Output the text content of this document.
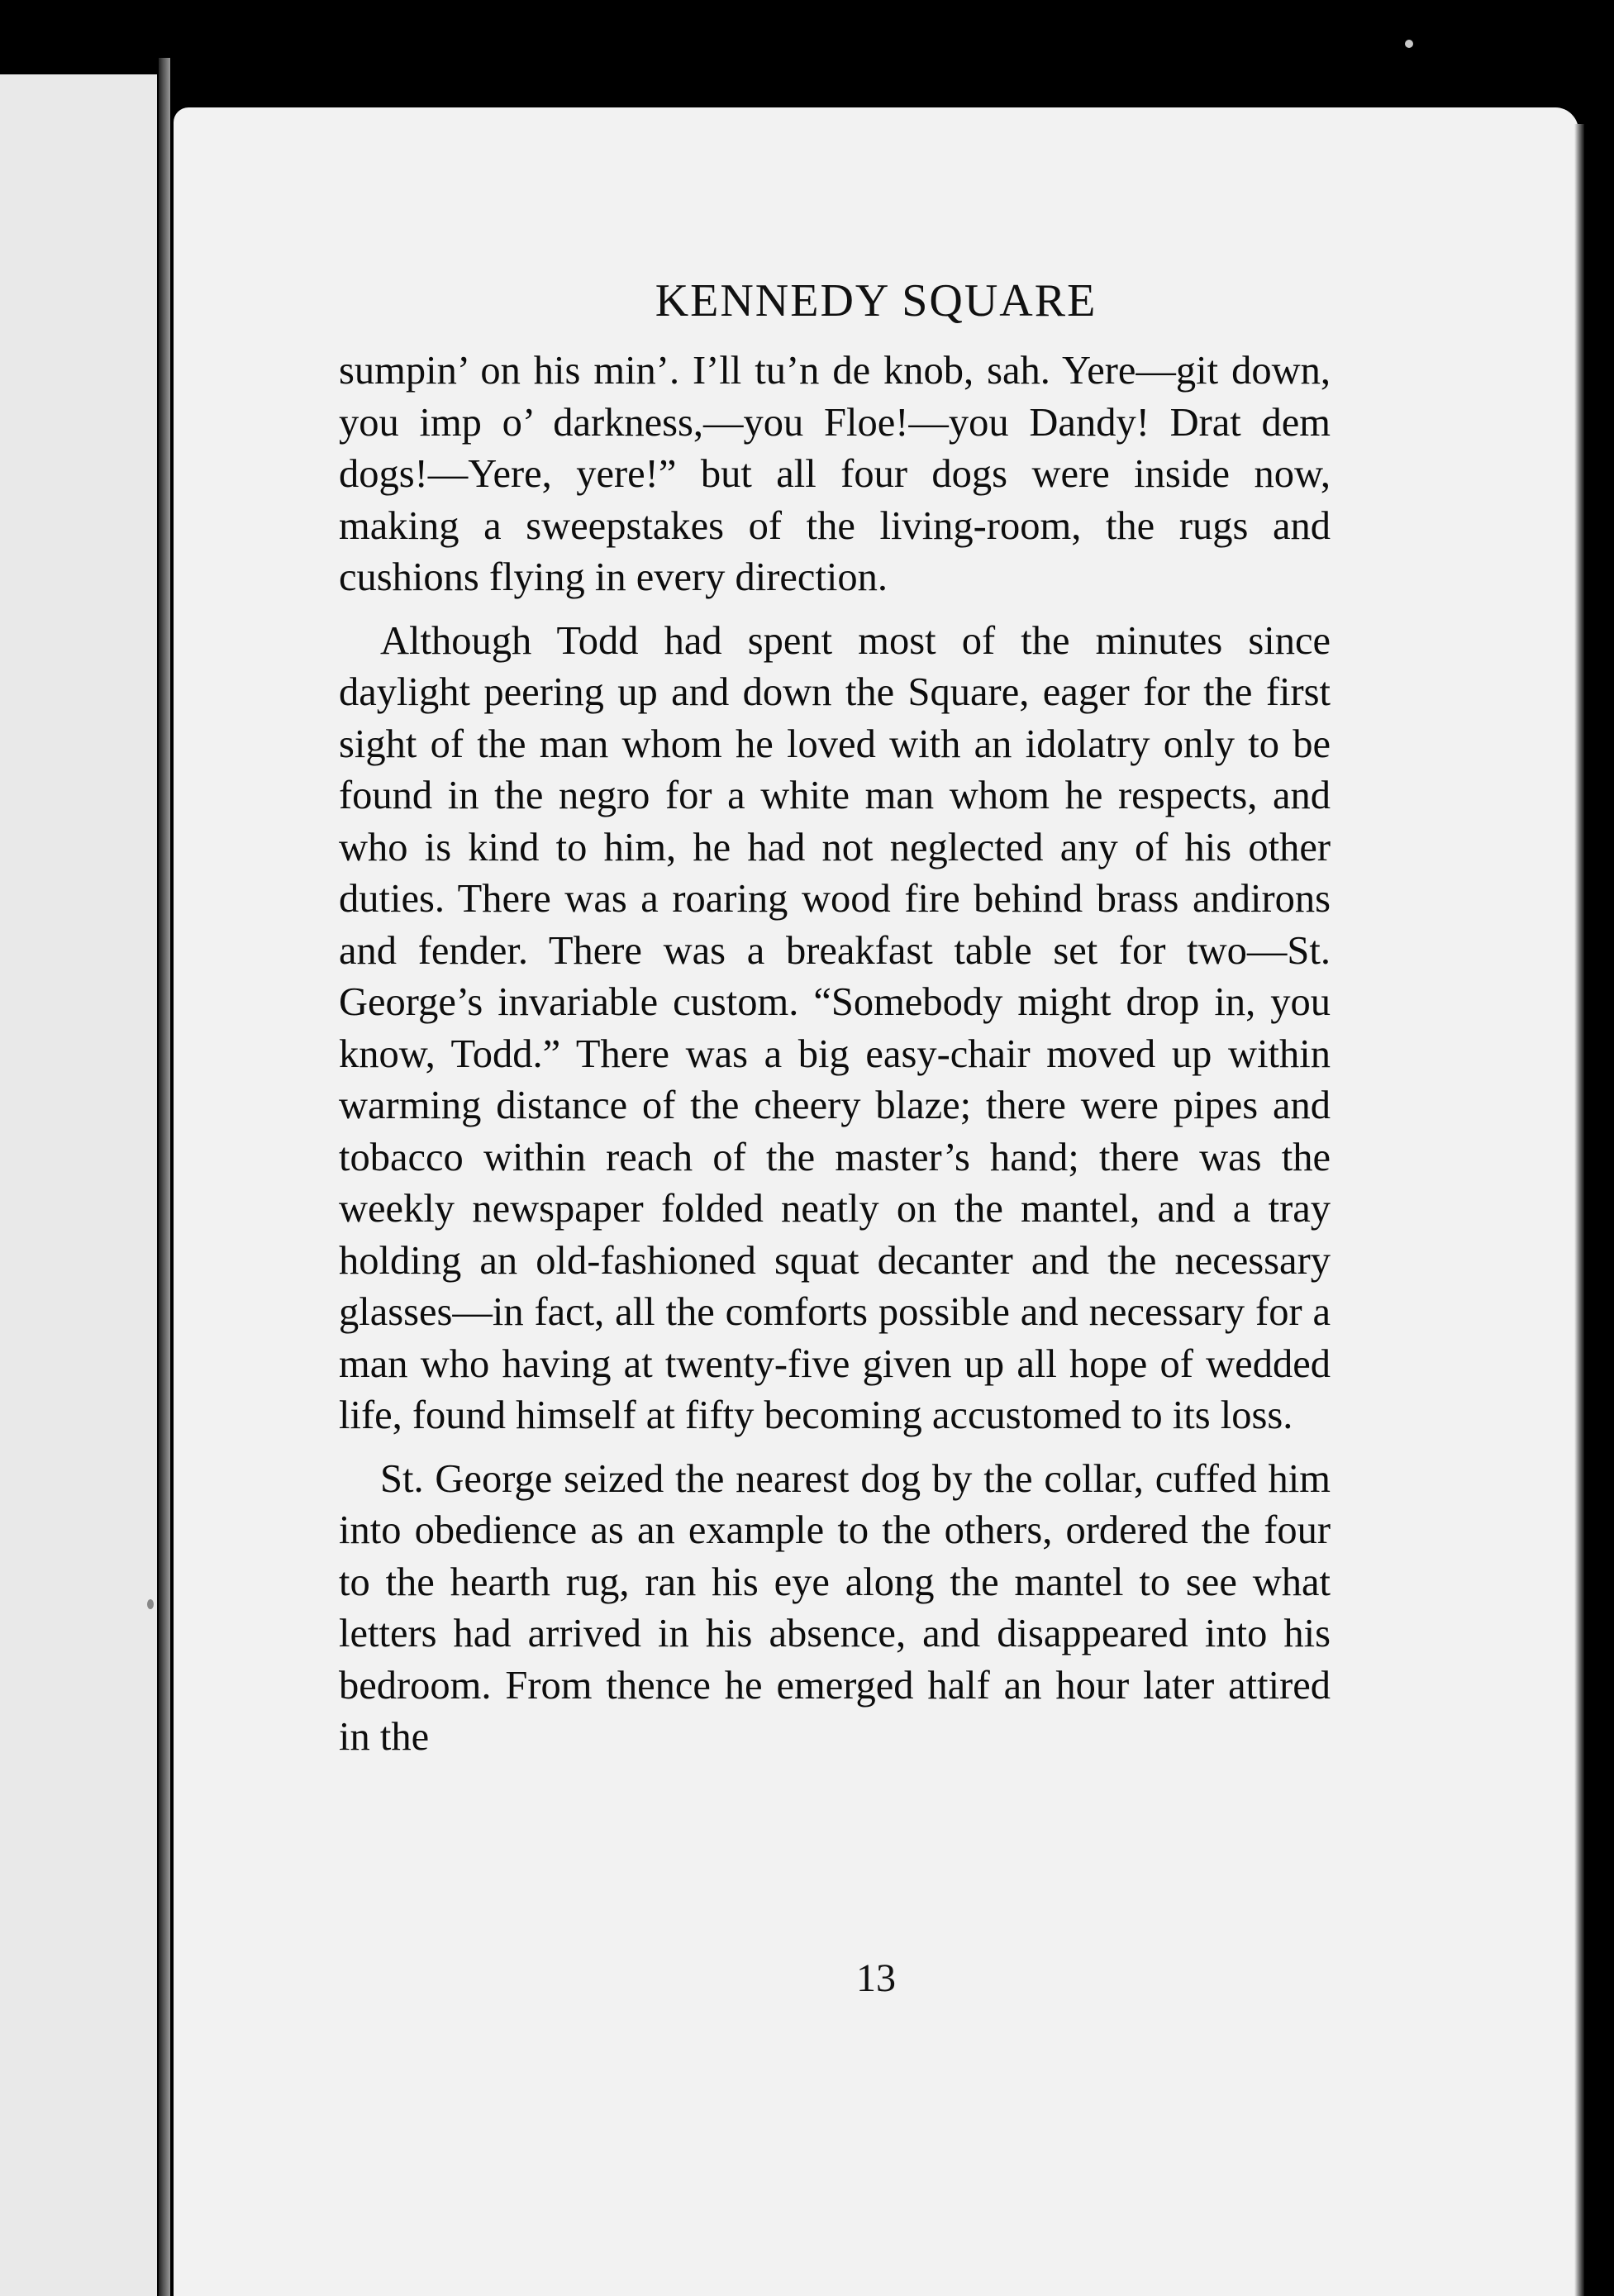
KENNEDY SQUARE

sumpin’ on his min’. I’ll tu’n de knob, sah. Yere—git down, you imp o’ darkness,—you Floe!—you Dandy! Drat dem dogs!—Yere, yere!” but all four dogs were inside now, making a sweepstakes of the living-room, the rugs and cushions flying in every direction.

Although Todd had spent most of the minutes since daylight peering up and down the Square, eager for the first sight of the man whom he loved with an idolatry only to be found in the negro for a white man whom he respects, and who is kind to him, he had not neglected any of his other duties. There was a roaring wood fire behind brass andirons and fender. There was a breakfast table set for two—St. George’s invariable custom. “Somebody might drop in, you know, Todd.” There was a big easy-chair moved up within warming distance of the cheery blaze; there were pipes and tobacco within reach of the master’s hand; there was the weekly newspaper folded neatly on the mantel, and a tray holding an old-fashioned squat decanter and the necessary glasses—in fact, all the comforts possible and necessary for a man who having at twenty-five given up all hope of wedded life, found himself at fifty becoming accustomed to its loss.

St. George seized the nearest dog by the collar, cuffed him into obedience as an example to the others, ordered the four to the hearth rug, ran his eye along the mantel to see what letters had arrived in his absence, and disappeared into his bedroom. From thence he emerged half an hour later attired in the

13
